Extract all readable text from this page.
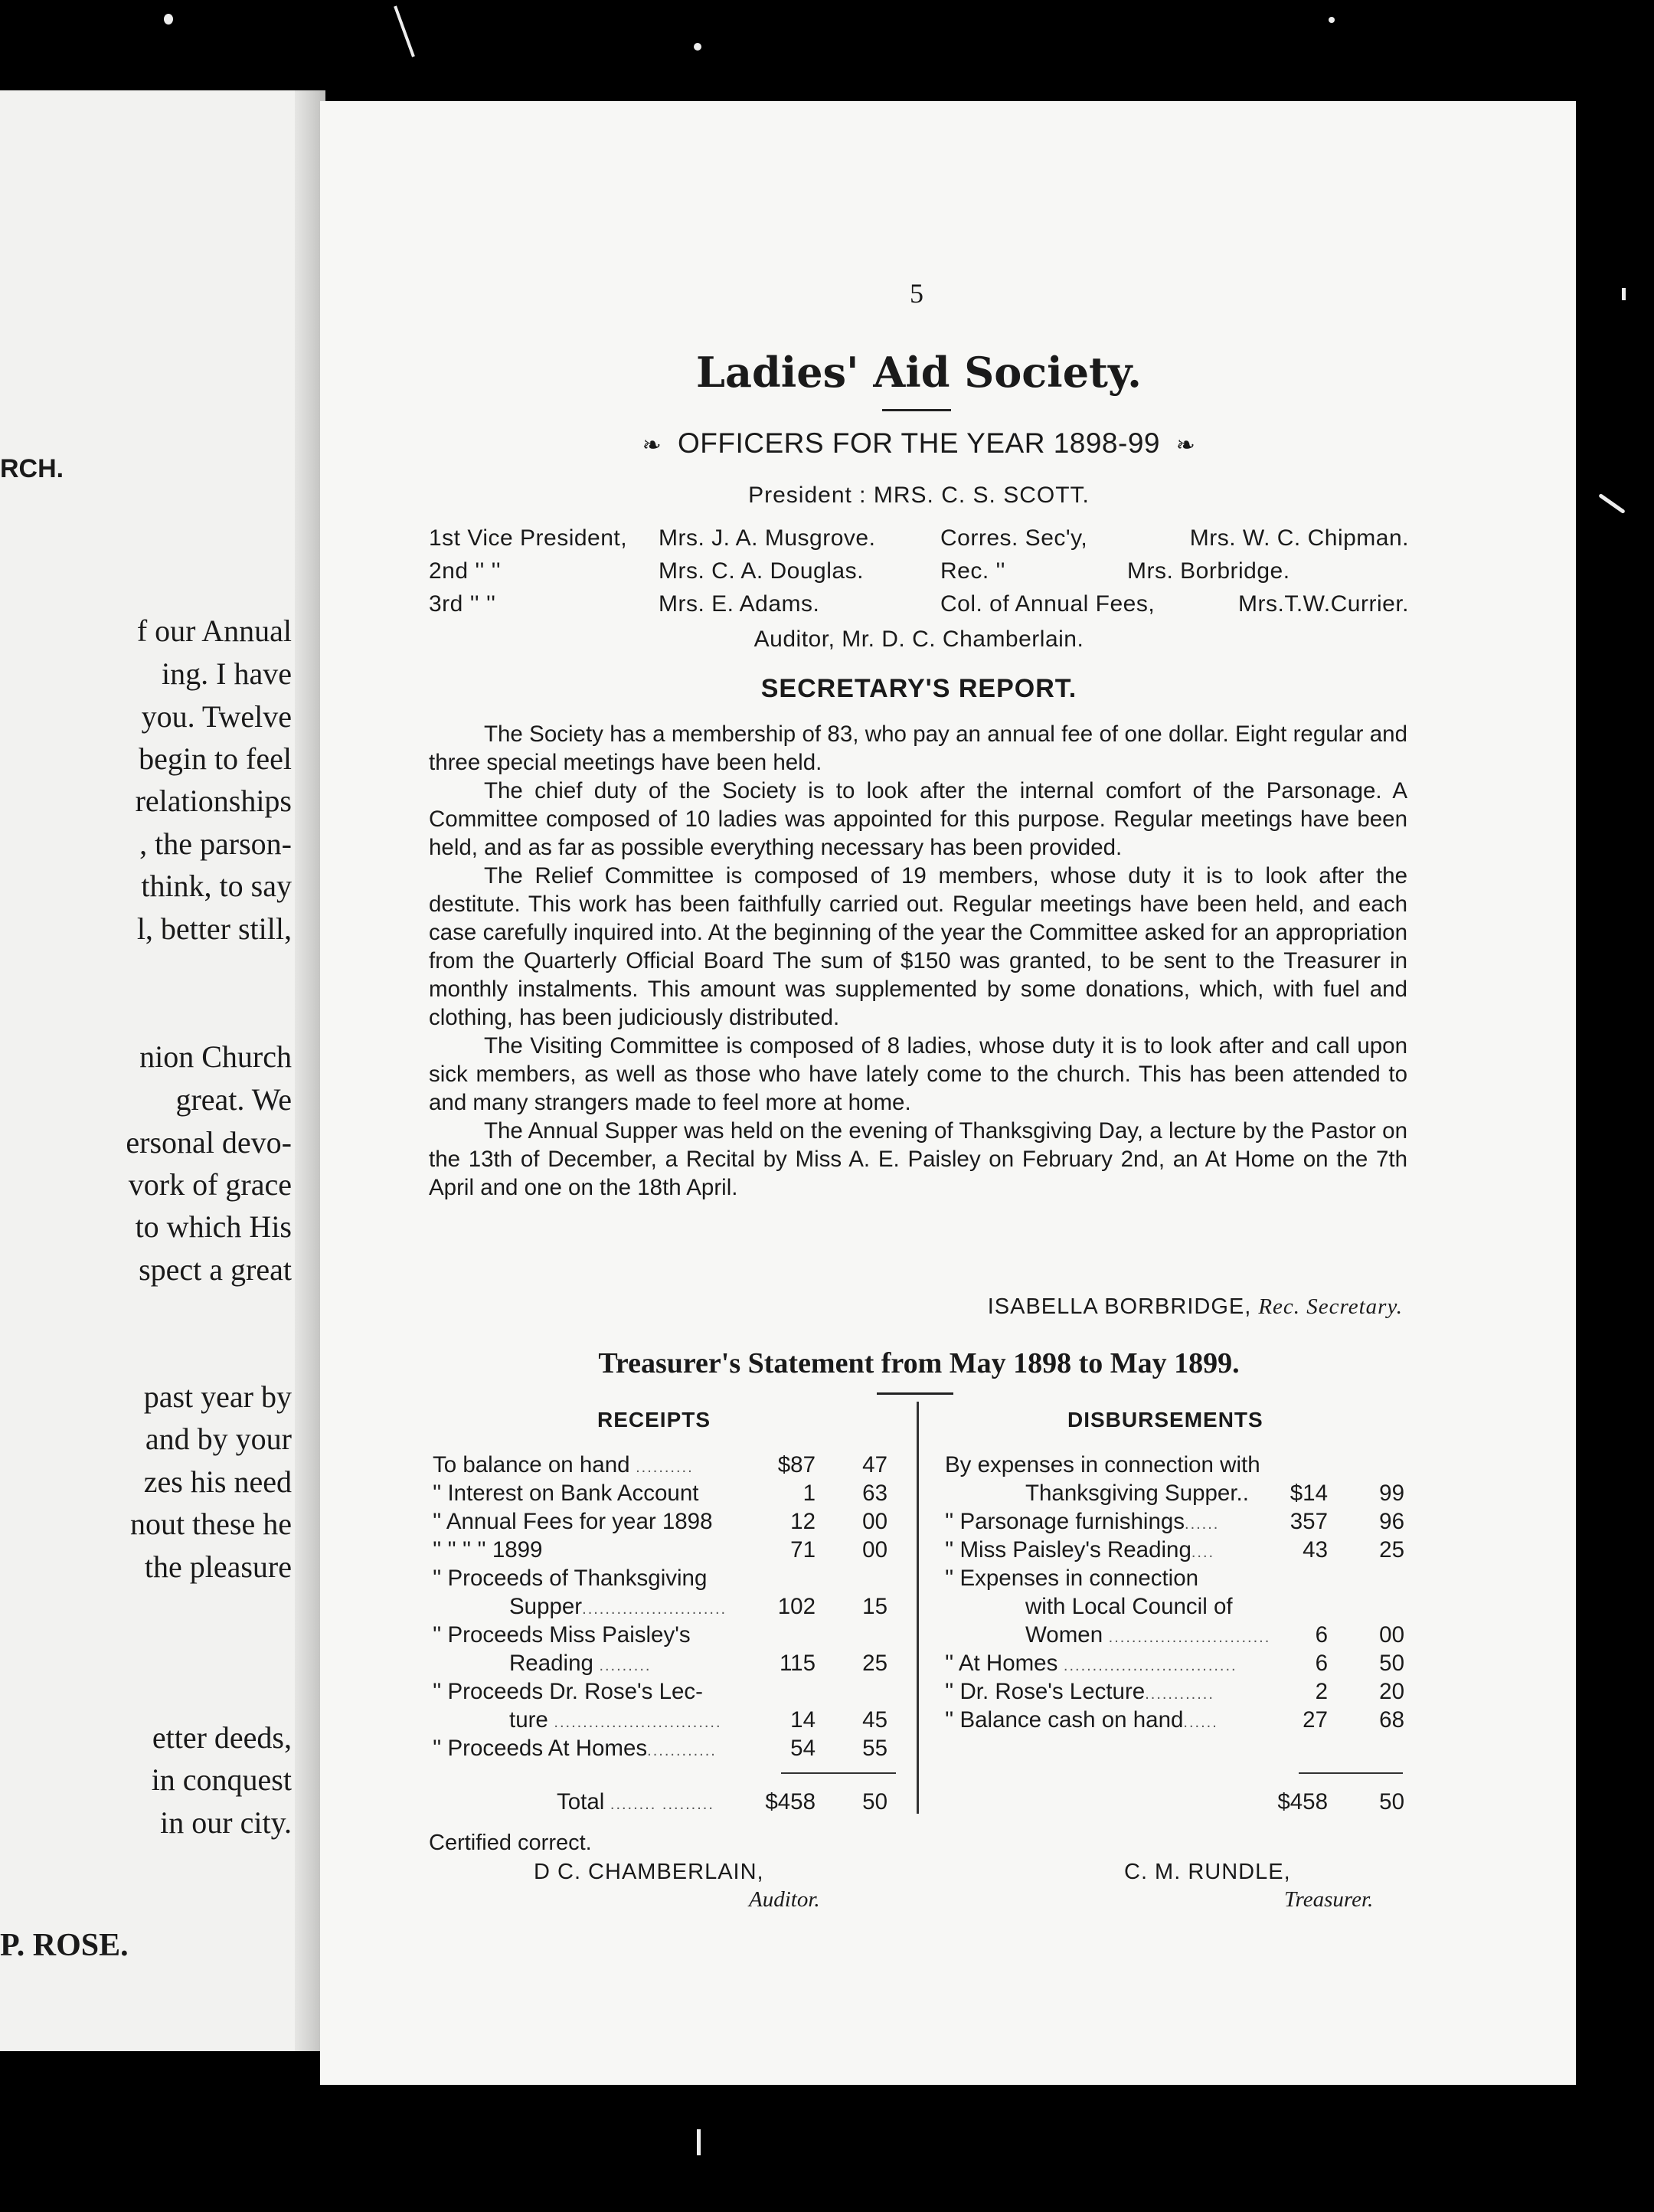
RCH.
f our Annual
ing. I have
you. Twelve
begin to feel
relationships
, the parson-
think, to say
l, better still,
nion Church
great. We
ersonal devo-
vork of grace
to which His
spect a great
past year by
and by your
zes his need
nout these he
the pleasure
etter deeds,
in conquest
in our city.
P. ROSE.
5
Ladies' Aid Society.
❧ OFFICERS FOR THE YEAR 1898-99 ❧
President : MRS. C. S. SCOTT.
1st Vice President, Mrs. J. A. Musgrove.	Corres. Sec'y,	Mrs. W. C. Chipman.
2nd '' ''	Mrs. C. A. Douglas.	Rec. ''	Mrs. Borbridge.
3rd '' ''	Mrs. E. Adams.	Col. of Annual Fees,	Mrs.T.W.Currier.
Auditor, Mr. D. C. Chamberlain.
SECRETARY'S REPORT.

The Society has a membership of 83, who pay an annual fee of one dollar. Eight regular and three special meetings have been held.

The chief duty of the Society is to look after the internal comfort of the Parsonage. A Committee composed of 10 ladies was appointed for this purpose. Regular meetings have been held, and as far as possible everything necessary has been provided.

The Relief Committee is composed of 19 members, whose duty it is to look after the destitute. This work has been faithfully carried out. Regular meetings have been held, and each case carefully inquired into. At the beginning of the year the Committee asked for an appropriation from the Quarterly Official Board The sum of $150 was granted, to be sent to the Treasurer in monthly instalments. This amount was supplemented by some donations, which, with fuel and clothing, has been judiciously distributed.

The Visiting Committee is composed of 8 ladies, whose duty it is to look after and call upon sick members, as well as those who have lately come to the church. This has been attended to and many strangers made to feel more at home.

The Annual Supper was held on the evening of Thanksgiving Day, a lecture by the Pastor on the 13th of December, a Recital by Miss A. E. Paisley on February 2nd, an At Home on the 7th April and one on the 18th April.

ISABELLA BORBRIDGE, Rec. Secretary.
Treasurer's Statement from May 1898 to May 1899.
RECEIPTS	DISBURSEMENTS
To balance on hand ..........	$87 47
'' Interest on Bank Account	1 63
'' Annual Fees for year 1898	12 00
'' '' '' '' 1899	71 00
'' Proceeds of Thanksgiving
Supper......................... 102 15
'' Proceeds Miss Paisley's
Reading .........	115 25
'' Proceeds Dr. Rose's Lec-
ture .............................	14 45
'' Proceeds At Homes............	54 55
Total ........ ......... $458 50
By expenses in connection with
Thanksgiving Supper.. $14 99
'' Parsonage furnishings......	357 96
'' Miss Paisley's Reading....	43 25
'' Expenses in connection
with Local Council of
Women ............................ 6 00
'' At Homes ..............................	6 50
'' Dr. Rose's Lecture............	2 20
'' Balance cash on hand......	27 68
$458 50
Certified correct.
D C. CHAMBERLAIN,
Auditor.
C. M. RUNDLE,
Treasurer.
